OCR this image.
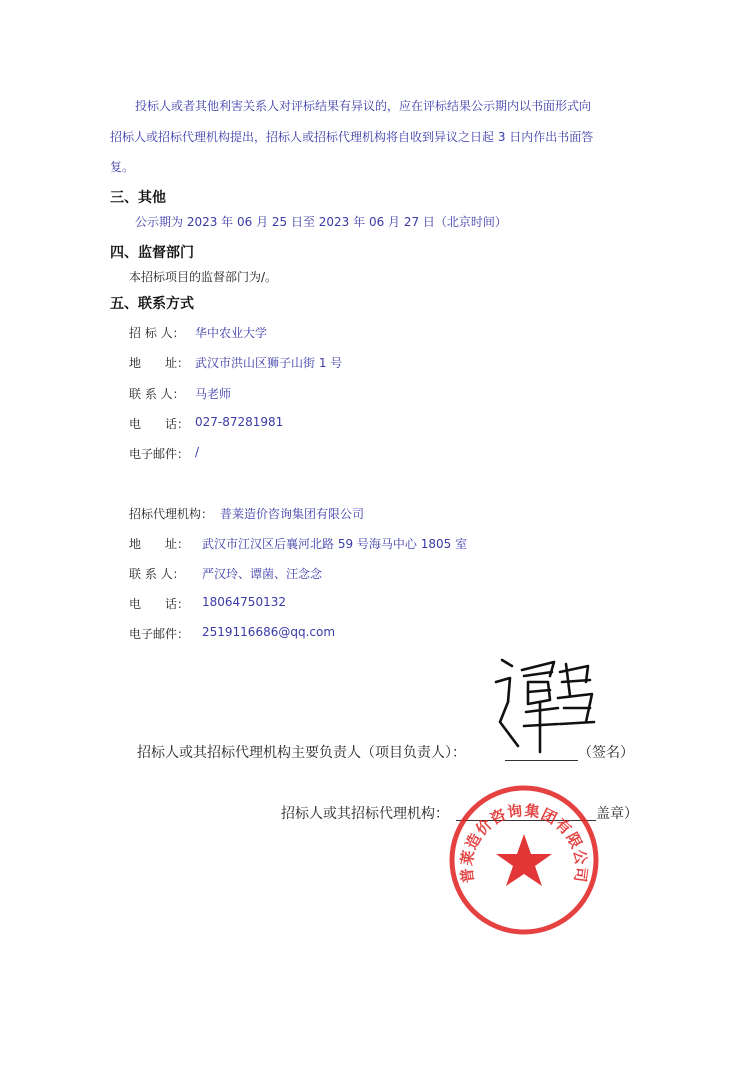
投标人或者其他利害关系人对评标结果有异议的，应在评标结果公示期内以书面形式向
招标人或招标代理机构提出，招标人或招标代理机构将自收到异议之日起 3 日内作出书面答
复。
三、其他
公示期为 2023 年 06 月 25 日至 2023 年 06 月 27 日（北京时间）
四、监督部门
本招标项目的监督部门为/。
五、联系方式
招 标 人： 华中农业大学
地　　址： 武汉市洪山区狮子山街 1 号
联 系 人： 马老师
电　　话： 027-87281981
电子邮件： /
招标代理机构： 普莱造价咨询集团有限公司
地　　址： 武汉市江汉区后襄河北路 59 号海马中心 1805 室
联 系 人： 严汉玲、谭菌、汪念念
电　　话： 18064750132
电子邮件： 2519116686@qq.com
招标人或其招标代理机构主要负责人（项目负责人）：	（签名）
招标人或其招标代理机构：	盖章）
普莱造价咨询集团有限公司
